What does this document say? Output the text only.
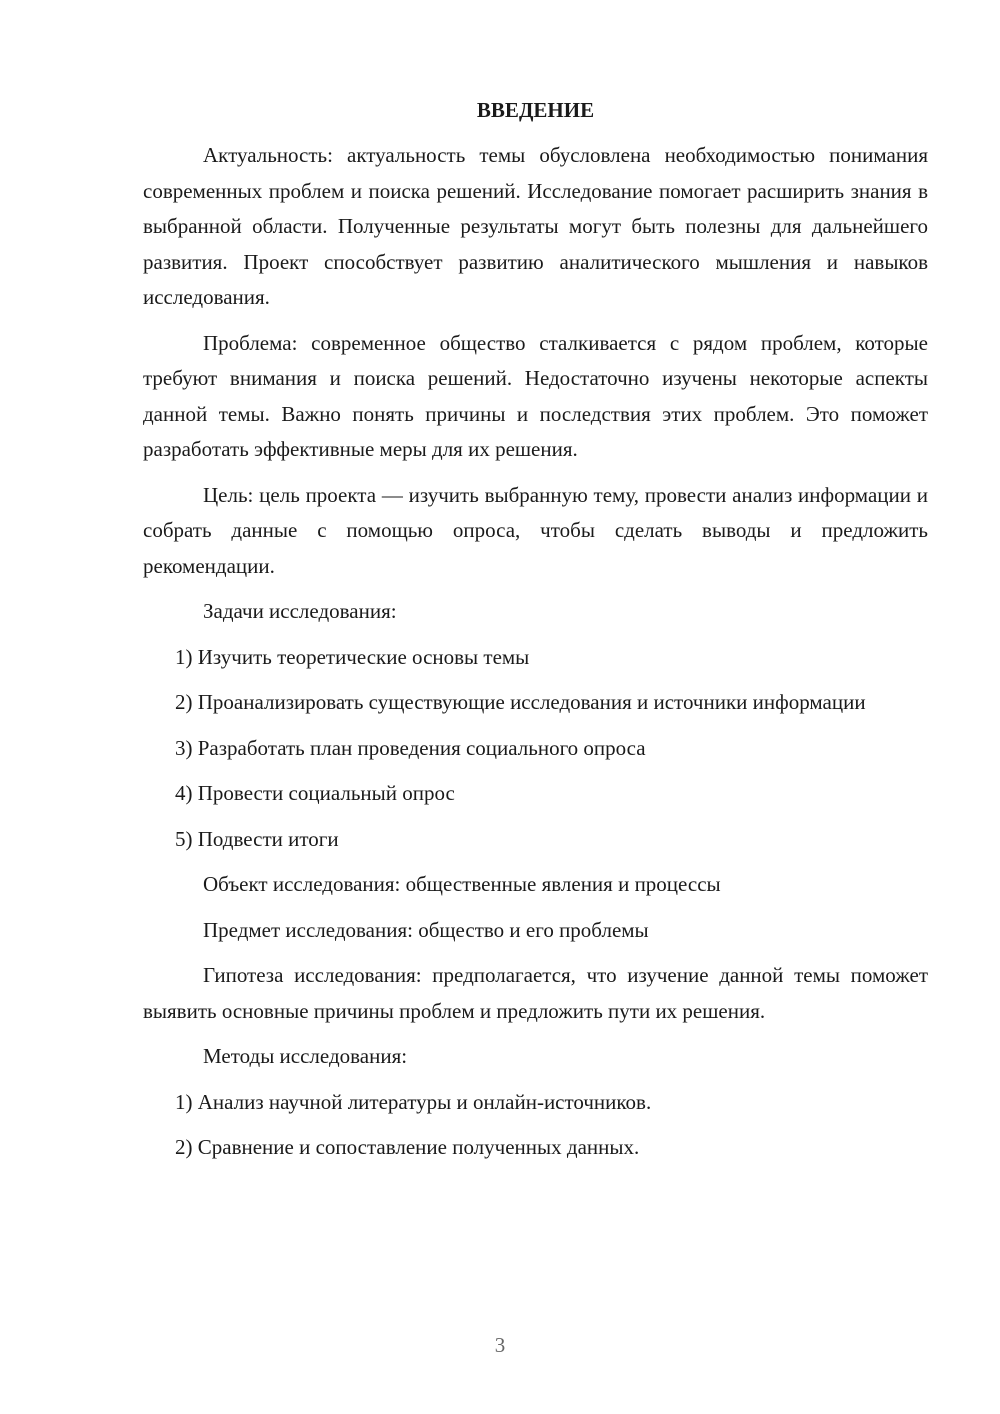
ВВЕДЕНИЕ
Актуальность: актуальность темы обусловлена необходимостью понимания современных проблем и поиска решений. Исследование помогает расширить знания в выбранной области. Полученные результаты могут быть полезны для дальнейшего развития. Проект способствует развитию аналитического мышления и навыков исследования.
Проблема: современное общество сталкивается с рядом проблем, которые требуют внимания и поиска решений. Недостаточно изучены некоторые аспекты данной темы. Важно понять причины и последствия этих проблем. Это поможет разработать эффективные меры для их решения.
Цель: цель проекта — изучить выбранную тему, провести анализ информации и собрать данные с помощью опроса, чтобы сделать выводы и предложить рекомендации.
Задачи исследования:
1) Изучить теоретические основы темы
2) Проанализировать существующие исследования и источники информации
3) Разработать план проведения социального опроса
4) Провести социальный опрос
5) Подвести итоги
Объект исследования: общественные явления и процессы
Предмет исследования: общество и его проблемы
Гипотеза исследования: предполагается, что изучение данной темы поможет выявить основные причины проблем и предложить пути их решения.
Методы исследования:
1) Анализ научной литературы и онлайн-источников.
2) Сравнение и сопоставление полученных данных.
3
